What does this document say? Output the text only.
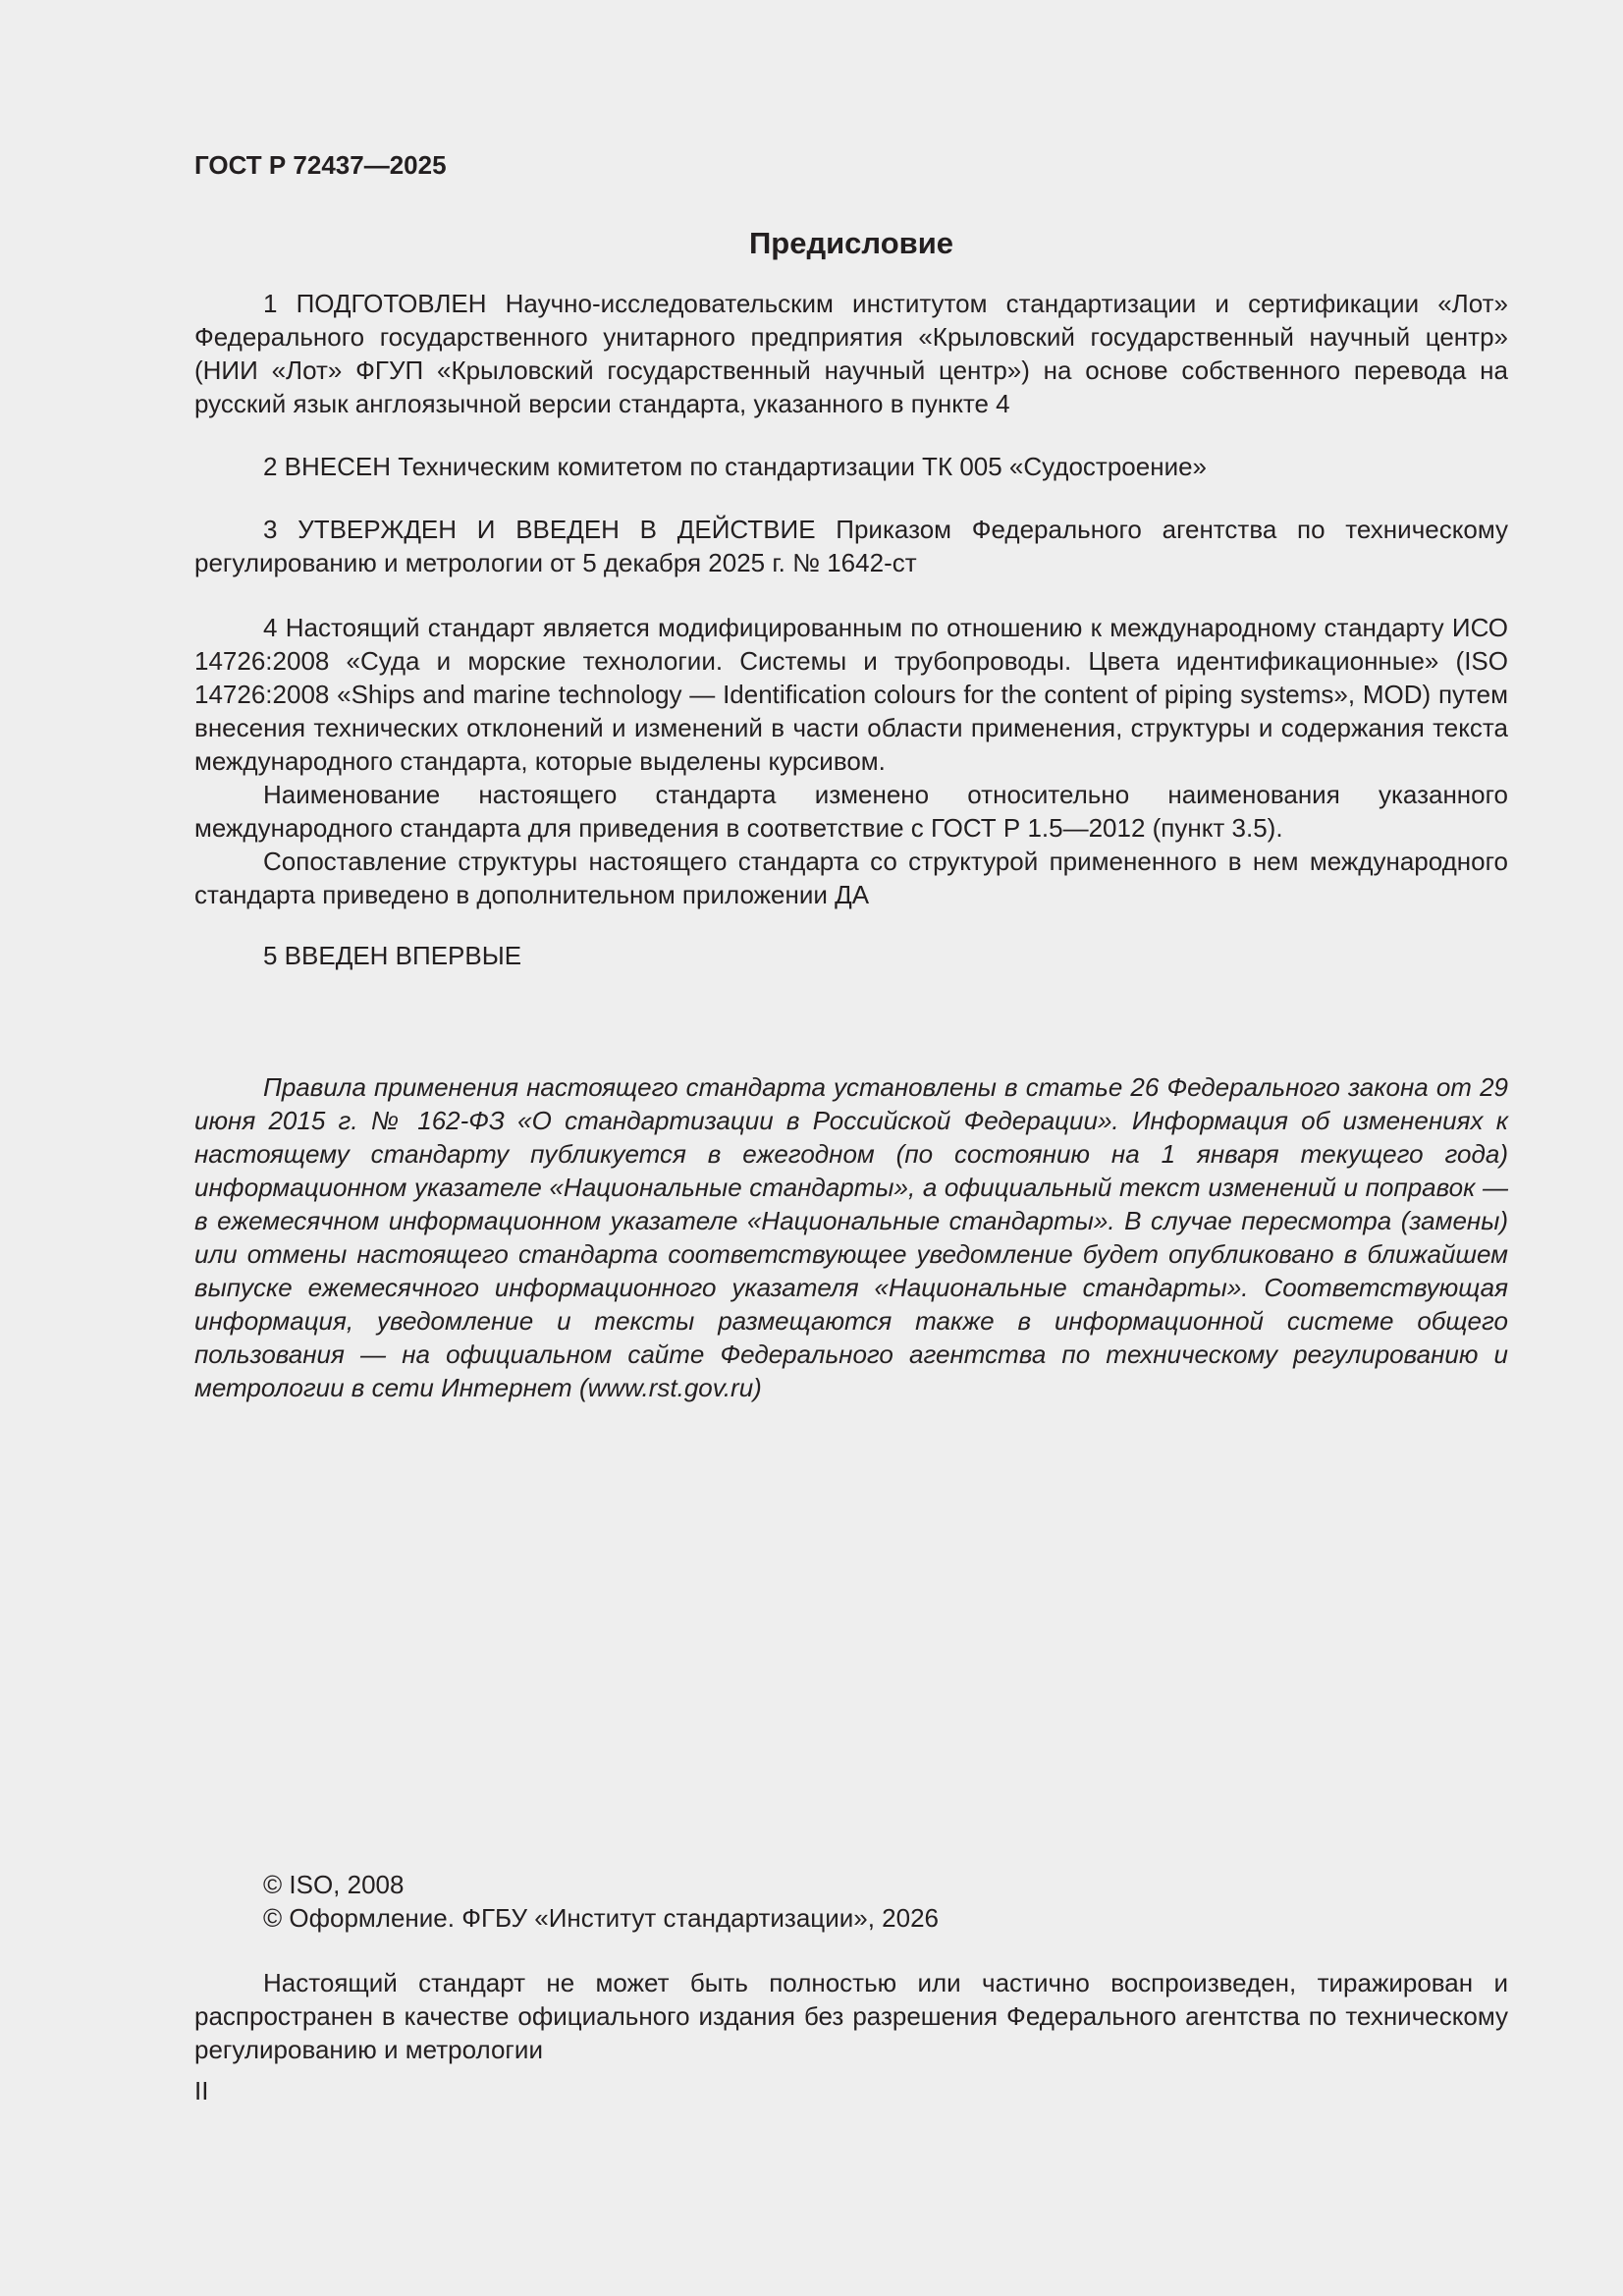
ГОСТ Р 72437—2025
Предисловие

1 ПОДГОТОВЛЕН Научно-исследовательским институтом стандартизации и сертификации «Лот» Федерального государственного унитарного предприятия «Крыловский государственный научный центр» (НИИ «Лот» ФГУП «Крыловский государственный научный центр») на основе собственного перевода на русский язык англоязычной версии стандарта, указанного в пункте 4

2 ВНЕСЕН Техническим комитетом по стандартизации ТК 005 «Судостроение»

3 УТВЕРЖДЕН И ВВЕДЕН В ДЕЙСТВИЕ Приказом Федерального агентства по техническому регулированию и метрологии от 5 декабря 2025 г. № 1642-ст

4 Настоящий стандарт является модифицированным по отношению к международному стандарту ИСО 14726:2008 «Суда и морские технологии. Системы и трубопроводы. Цвета идентификационные» (ISO 14726:2008 «Ships and marine technology — Identification colours for the content of piping systems», MOD) путем внесения технических отклонений и изменений в части области применения, структуры и содержания текста международного стандарта, которые выделены курсивом.

Наименование настоящего стандарта изменено относительно наименования указанного международного стандарта для приведения в соответствие с ГОСТ Р 1.5—2012 (пункт 3.5).

Сопоставление структуры настоящего стандарта со структурой примененного в нем международного стандарта приведено в дополнительном приложении ДА

5 ВВЕДЕН ВПЕРВЫЕ

Правила применения настоящего стандарта установлены в статье 26 Федерального закона от 29 июня 2015 г. № 162-ФЗ «О стандартизации в Российской Федерации». Информация об изменениях к настоящему стандарту публикуется в ежегодном (по состоянию на 1 января текущего года) информационном указателе «Национальные стандарты», а официальный текст изменений и поправок — в ежемесячном информационном указателе «Национальные стандарты». В случае пересмотра (замены) или отмены настоящего стандарта соответствующее уведомление будет опубликовано в ближайшем выпуске ежемесячного информационного указателя «Национальные стандарты». Соответствующая информация, уведомление и тексты размещаются также в информационной системе общего пользования — на официальном сайте Федерального агентства по техническому регулированию и метрологии в сети Интернет (www.rst.gov.ru)

© ISO, 2008

© Оформление. ФГБУ «Институт стандартизации», 2026

Настоящий стандарт не может быть полностью или частично воспроизведен, тиражирован и распространен в качестве официального издания без разрешения Федерального агентства по техническому регулированию и метрологии

II
